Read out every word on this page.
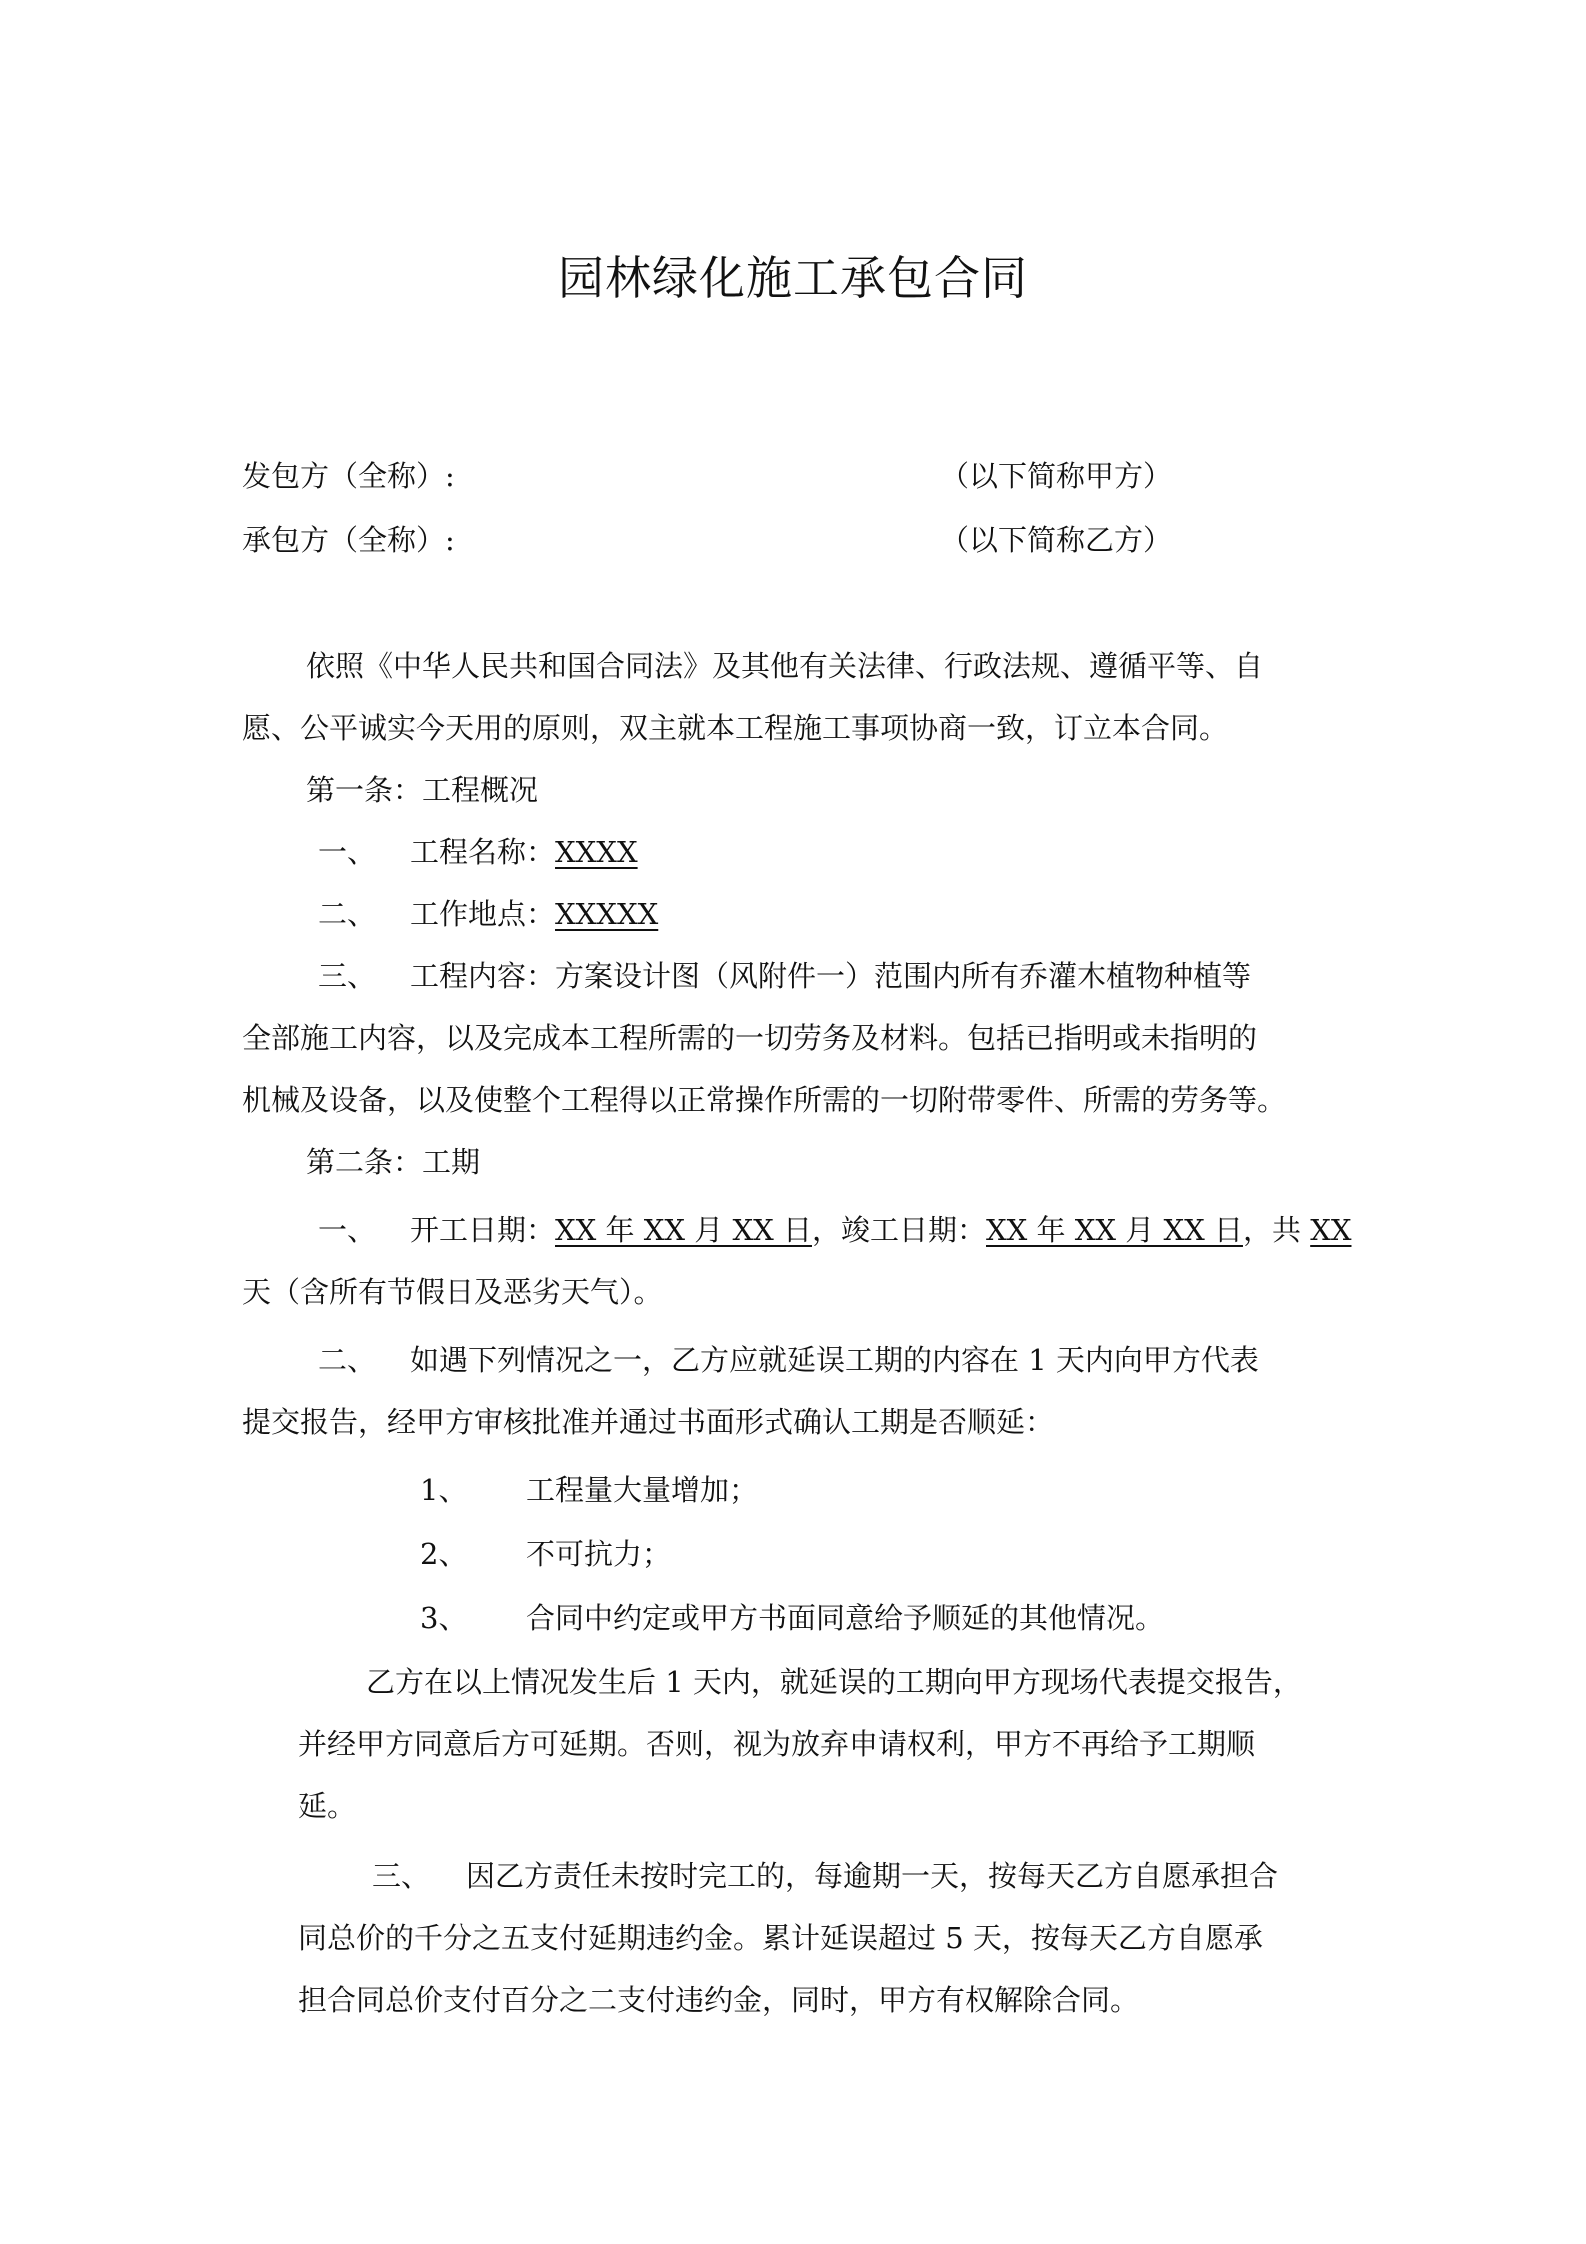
园林绿化施工承包合同
发包方（全称）:	（以下简称甲方）
承包方（全称）:	（以下简称乙方）
依照《中华人民共和国合同法》及其他有关法律、行政法规、遵循平等、自
愿、公平诚实今天用的原则，双主就本工程施工事项协商一致，订立本合同。
第一条：工程概况
一、 工程名称：XXXX
二、 工作地点：XXXXX
三、 工程内容：方案设计图（风附件一）范围内所有乔灌木植物种植等
全部施工内容，以及完成本工程所需的一切劳务及材料。包括已指明或未指明的
机械及设备，以及使整个工程得以正常操作所需的一切附带零件、所需的劳务等。
第二条：工期
一、 开工日期：XX 年 XX 月 XX 日，竣工日期：XX 年 XX 月 XX 日，共 XX
天（含所有节假日及恶劣天气）。
二、 如遇下列情况之一，乙方应就延误工期的内容在 1 天内向甲方代表
提交报告，经甲方审核批准并通过书面形式确认工期是否顺延：
1、 工程量大量增加；
2、 不可抗力；
3、 合同中约定或甲方书面同意给予顺延的其他情况。
乙方在以上情况发生后 1 天内，就延误的工期向甲方现场代表提交报告，
并经甲方同意后方可延期。否则，视为放弃申请权利，甲方不再给予工期顺
延。
三、 因乙方责任未按时完工的，每逾期一天，按每天乙方自愿承担合
同总价的千分之五支付延期违约金。累计延误超过 5 天，按每天乙方自愿承
担合同总价支付百分之二支付违约金，同时，甲方有权解除合同。
